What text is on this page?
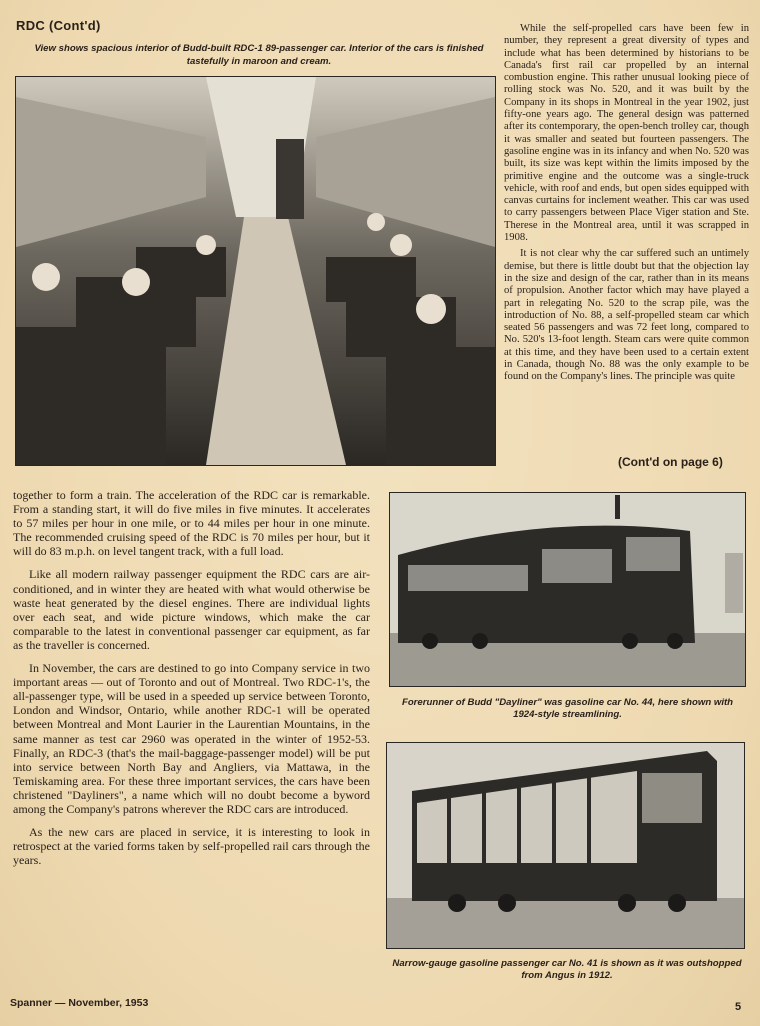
RDC (Cont'd)
View shows spacious interior of Budd-built RDC-1 89-passenger car. Interior of the cars is finished tastefully in maroon and cream.

While the self-propelled cars have been few in number, they represent a great diversity of types and include what has been determined by historians to be Canada's first rail car propelled by an internal combustion engine. This rather unusual looking piece of rolling stock was No. 520, and it was built by the Company in its shops in Montreal in the year 1902, just fifty-one years ago. The general design was patterned after its contemporary, the open-bench trolley car, though it was smaller and seated but fourteen passengers. The gasoline engine was in its infancy and when No. 520 was built, its size was kept within the limits imposed by the primitive engine and the outcome was a single-truck vehicle, with roof and ends, but open sides equipped with canvas curtains for inclement weather. This car was used to carry passengers between Place Viger station and Ste. Therese in the Montreal area, until it was scrapped in 1908.

It is not clear why the car suffered such an untimely demise, but there is little doubt but that the objection lay in the size and design of the car, rather than in its means of propulsion. Another factor which may have played a part in relegating No. 520 to the scrap pile, was the introduction of No. 88, a self-propelled steam car which seated 56 passengers and was 72 feet long, compared to No. 520's 13-foot length. Steam cars were quite common at this time, and they have been used to a certain extent in Canada, though No. 88 was the only example to be found on the Company's lines. The principle was quite

(Cont'd on page 6)

together to form a train. The acceleration of the RDC car is remarkable. From a standing start, it will do five miles in five minutes. It accelerates to 57 miles per hour in one mile, or to 44 miles per hour in one minute. The recommended cruising speed of the RDC is 70 miles per hour, but it will do 83 m.p.h. on level tangent track, with a full load.

Like all modern railway passenger equipment the RDC cars are air-conditioned, and in winter they are heated with what would otherwise be waste heat generated by the diesel engines. There are individual lights over each seat, and wide picture windows, which make the car comparable to the latest in conventional passenger car equipment, as far as the traveller is concerned.

In November, the cars are destined to go into Company service in two important areas — out of Toronto and out of Montreal. Two RDC-1's, the all-passenger type, will be used in a speeded up service between Toronto, London and Windsor, Ontario, while another RDC-1 will be operated between Montreal and Mont Laurier in the Laurentian Mountains, in the same manner as test car 2960 was operated in the winter of 1952-53. Finally, an RDC-3 (that's the mail-baggage-passenger model) will be put into service between North Bay and Angliers, via Mattawa, in the Temiskaming area. For these three important services, the cars have been christened "Dayliners", a name which will no doubt become a byword among the Company's patrons wherever the RDC cars are introduced.

As the new cars are placed in service, it is interesting to look in retrospect at the varied forms taken by self-propelled rail cars through the years.

Forerunner of Budd "Dayliner" was gasoline car No. 44, here shown with 1924-style streamlining.
Narrow-gauge gasoline passenger car No. 41 is shown as it was outshopped from Angus in 1912.
Spanner — November, 1953	5
